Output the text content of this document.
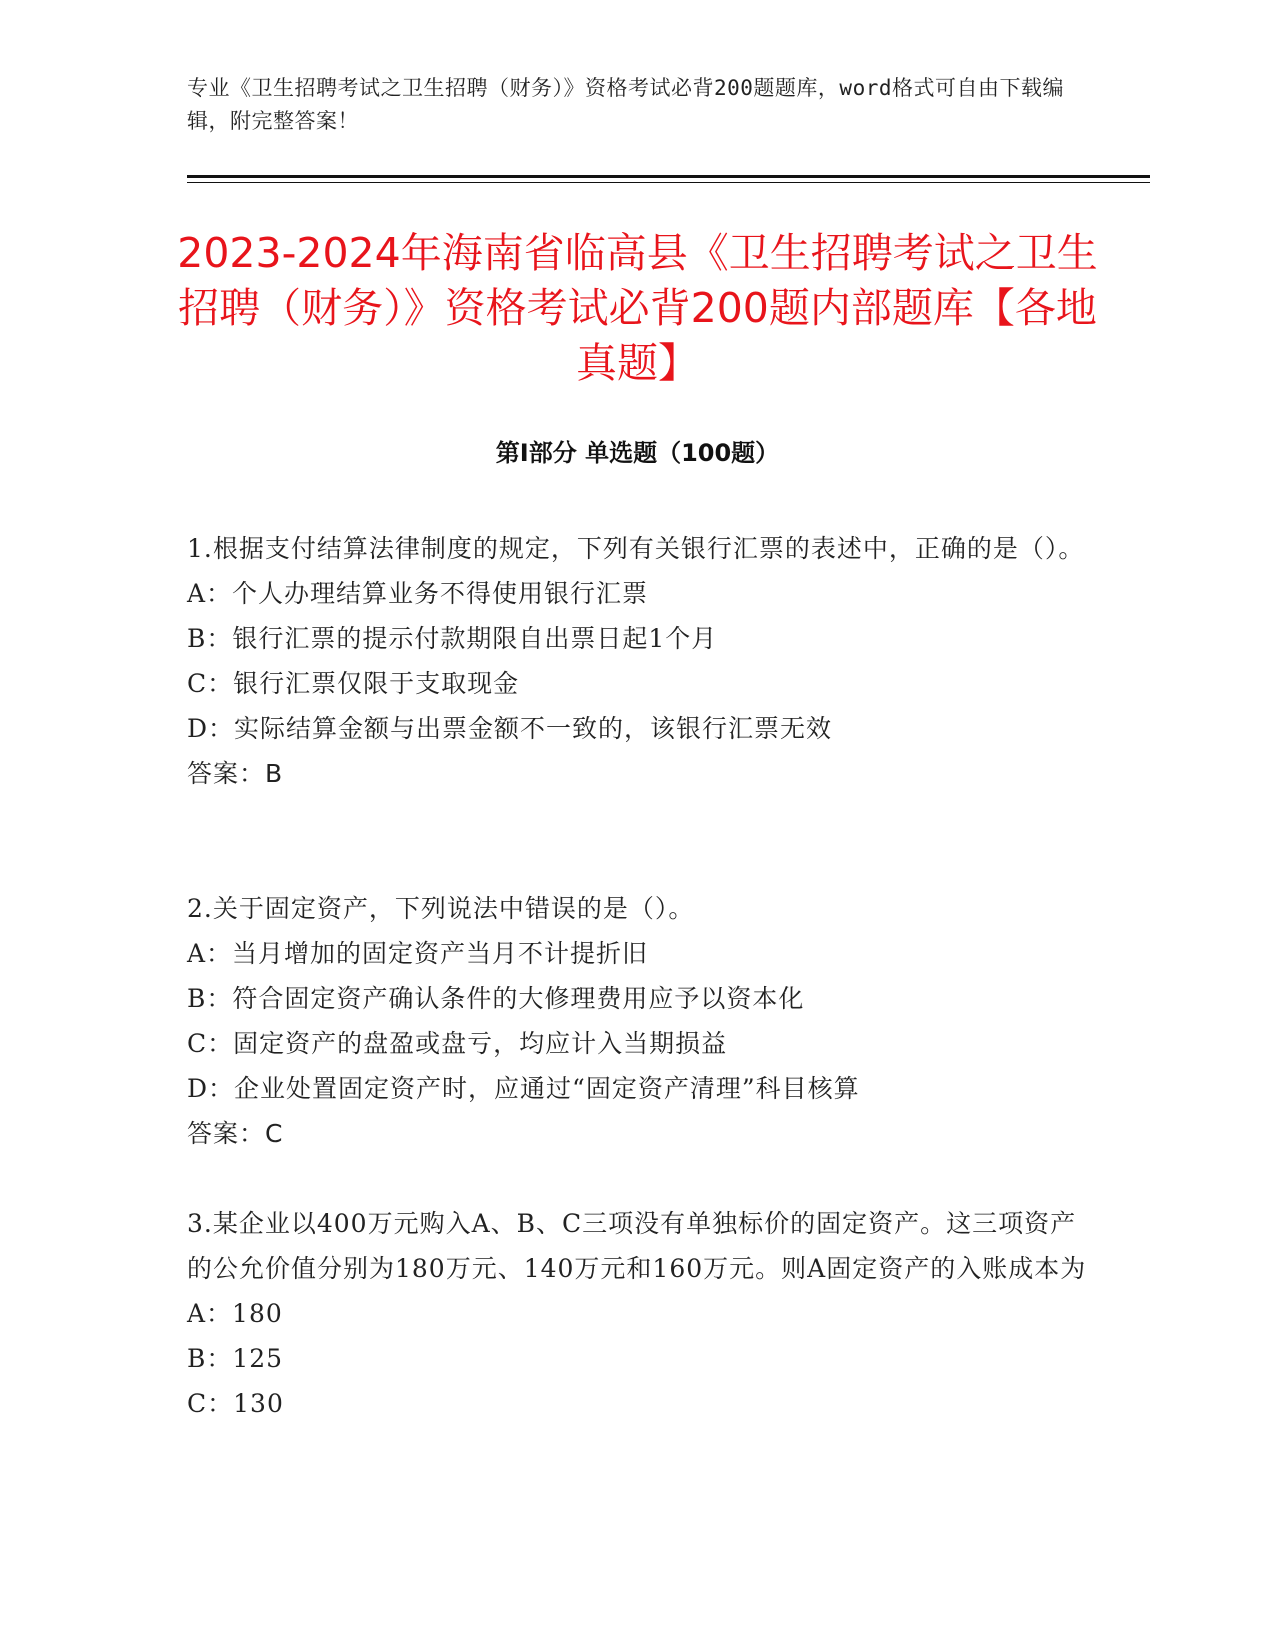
专业《卫生招聘考试之卫生招聘（财务）》资格考试必背200题题库，word格式可自由下载编辑，附完整答案！
2023-2024年海南省临高县《卫生招聘考试之卫生招聘（财务）》资格考试必背200题内部题库【各地真题】
第I部分 单选题（100题）

1.根据支付结算法律制度的规定，下列有关银行汇票的表述中，正确的是（）。

A：个人办理结算业务不得使用银行汇票

B：银行汇票的提示付款期限自出票日起1个月

C：银行汇票仅限于支取现金

D：实际结算金额与出票金额不一致的，该银行汇票无效

答案：B

2.关于固定资产，下列说法中错误的是（）。

A：当月增加的固定资产当月不计提折旧

B：符合固定资产确认条件的大修理费用应予以资本化

C：固定资产的盘盈或盘亏，均应计入当期损益

D：企业处置固定资产时，应通过“固定资产清理”科目核算

答案：C

3.某企业以400万元购入A、B、C三项没有单独标价的固定资产。这三项资产的公允价值分别为180万元、140万元和160万元。则A固定资产的入账成本为

A：180

B：125

C：130
